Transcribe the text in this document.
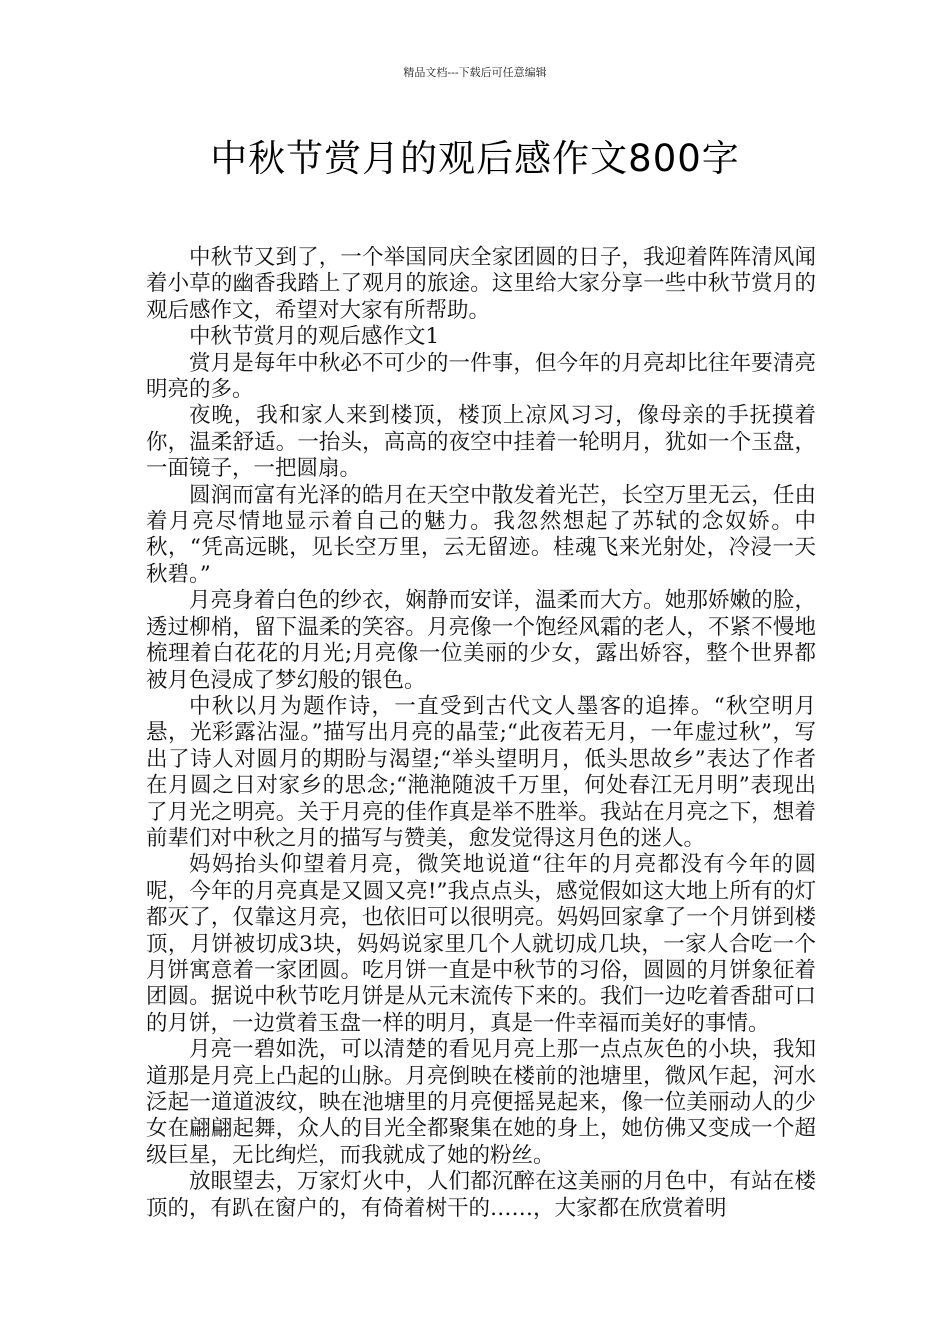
精品文档---下载后可任意编辑
中秋节赏月的观后感作文800字

中秋节又到了，一个举国同庆全家团圆的日子，我迎着阵阵清风闻着小草的幽香我踏上了观月的旅途。这里给大家分享一些中秋节赏月的观后感作文，希望对大家有所帮助。

中秋节赏月的观后感作文1

赏月是每年中秋必不可少的一件事，但今年的月亮却比往年要清亮明亮的多。

夜晚，我和家人来到楼顶，楼顶上凉风习习，像母亲的手抚摸着你，温柔舒适。一抬头，高高的夜空中挂着一轮明月，犹如一个玉盘，一面镜子，一把圆扇。

圆润而富有光泽的皓月在天空中散发着光芒，长空万里无云，任由着月亮尽情地显示着自己的魅力。我忽然想起了苏轼的念奴娇。中秋，“凭高远眺，见长空万里，云无留迹。桂魂飞来光射处，冷浸一天秋碧。”

月亮身着白色的纱衣，娴静而安详，温柔而大方。她那娇嫩的脸，透过柳梢，留下温柔的笑容。月亮像一个饱经风霜的老人，不紧不慢地梳理着白花花的月光;月亮像一位美丽的少女，露出娇容，整个世界都被月色浸成了梦幻般的银色。

中秋以月为题作诗，一直受到古代文人墨客的追捧。“秋空明月悬，光彩露沾湿。”描写出月亮的晶莹;“此夜若无月，一年虚过秋”，写出了诗人对圆月的期盼与渴望;“举头望明月，低头思故乡”表达了作者在月圆之日对家乡的思念;“滟滟随波千万里，何处春江无月明”表现出了月光之明亮。关于月亮的佳作真是举不胜举。我站在月亮之下，想着前辈们对中秋之月的描写与赞美，愈发觉得这月色的迷人。

妈妈抬头仰望着月亮，微笑地说道“往年的月亮都没有今年的圆呢，今年的月亮真是又圆又亮!”我点点头，感觉假如这大地上所有的灯都灭了，仅靠这月亮，也依旧可以很明亮。妈妈回家拿了一个月饼到楼顶，月饼被切成3块，妈妈说家里几个人就切成几块，一家人合吃一个月饼寓意着一家团圆。吃月饼一直是中秋节的习俗，圆圆的月饼象征着团圆。据说中秋节吃月饼是从元末流传下来的。我们一边吃着香甜可口的月饼，一边赏着玉盘一样的明月，真是一件幸福而美好的事情。

月亮一碧如洗，可以清楚的看见月亮上那一点点灰色的小块，我知道那是月亮上凸起的山脉。月亮倒映在楼前的池塘里，微风乍起，河水泛起一道道波纹，映在池塘里的月亮便摇晃起来，像一位美丽动人的少女在翩翩起舞，众人的目光全都聚集在她的身上，她仿佛又变成一个超级巨星，无比绚烂，而我就成了她的粉丝。

放眼望去，万家灯火中，人们都沉醉在这美丽的月色中，有站在楼顶的，有趴在窗户的，有倚着树干的……，大家都在欣赏着明
